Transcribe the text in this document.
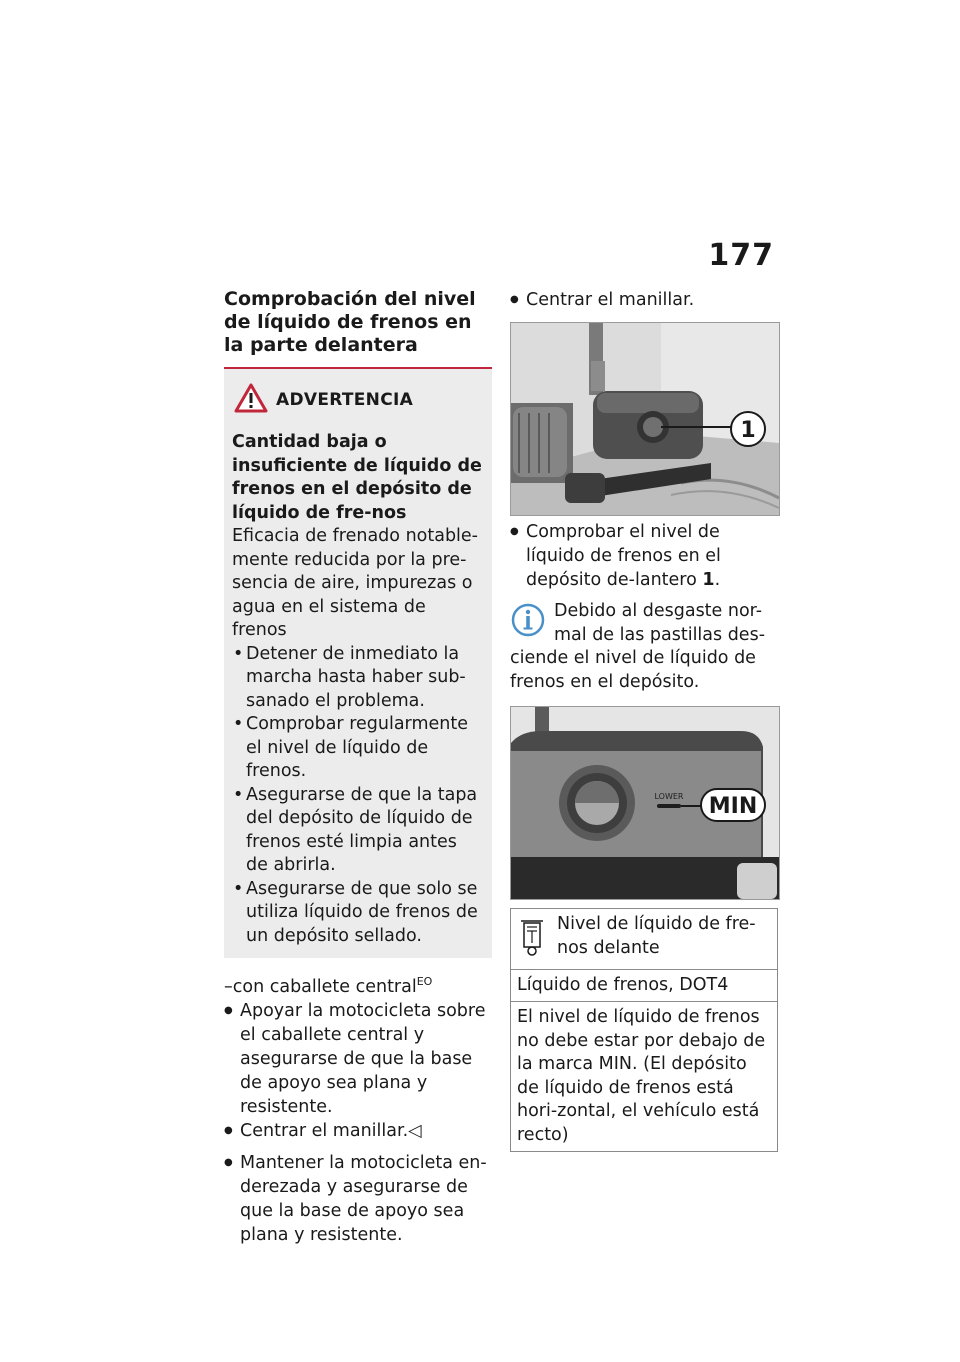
177
Comprobación del nivel de líquido de frenos en la parte delantera
ADVERTENCIA
Cantidad baja o insuficiente de líquido de frenos en el depósito de líquido de fre-nos
Eficacia de frenado notable-mente reducida por la pre-sencia de aire, impurezas o agua en el sistema de frenos
• Detener de inmediato la marcha hasta haber sub-sanado el problema.
• Comprobar regularmente el nivel de líquido de frenos.
• Asegurarse de que la tapa del depósito de líquido de frenos esté limpia antes de abrirla.
• Asegurarse de que solo se utiliza líquido de frenos de un depósito sellado.
–con caballete central$^{EO}$
● Apoyar la motocicleta sobre el caballete central y asegurarse de que la base de apoyo sea plana y resistente.
● Centrar el manillar.◁
● Mantener la motocicleta en-derezada y asegurarse de que la base de apoyo sea plana y resistente.
● Centrar el manillar.
1
● Comprobar el nivel de líquido de frenos en el depósito de-lantero 1.
Debido al desgaste nor-mal de las pastillas des-ciende el nivel de líquido de frenos en el depósito.
LOWER MIN
Nivel de líquido de fre-nos delante

Líquido de frenos, DOT4
El nivel de líquido de frenos no debe estar por debajo de la marca MIN. (El depósito de líquido de frenos está hori-zontal, el vehículo está recto)
